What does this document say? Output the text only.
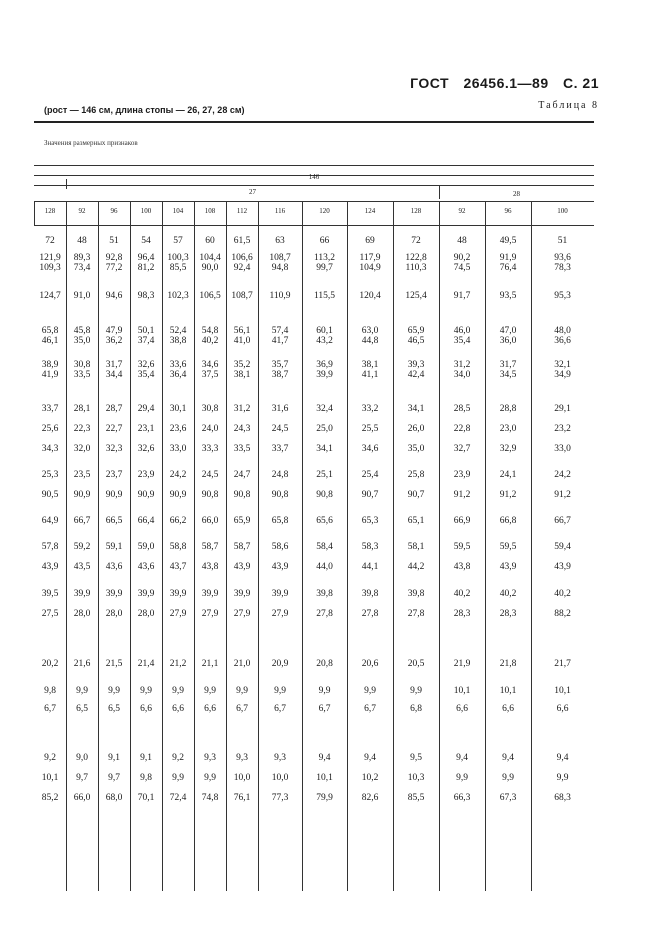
ГОСТ 26456.1—89 С. 21
(рост — 146 см, длина стопы — 26, 27, 28 см)	Таблица 8
Значения размерных признаков
146
27	28
128	92	96	100	104	108	112	116	120	124	128	92	96	100
72	48	51	54	57	60	61,5	63	66	69	72	48	49,5	51
121,9	89,3	92,8	96,4	100,3	104,4	106,6	108,7	113,2	117,9	122,8	90,2	91,9	93,6
109,3	73,4	77,2	81,2	85,5	90,0	92,4	94,8	99,7	104,9	110,3	74,5	76,4	78,3
124,7	91,0	94,6	98,3	102,3	106,5	108,7	110,9	115,5	120,4	125,4	91,7	93,5	95,3
65,8	45,8	47,9	50,1	52,4	54,8	56,1	57,4	60,1	63,0	65,9	46,0	47,0	48,0
46,1	35,0	36,2	37,4	38,8	40,2	41,0	41,7	43,2	44,8	46,5	35,4	36,0	36,6
38,9	30,8	31,7	32,6	33,6	34,6	35,2	35,7	36,9	38,1	39,3	31,2	31,7	32,1
41,9	33,5	34,4	35,4	36,4	37,5	38,1	38,7	39,9	41,1	42,4	34,0	34,5	34,9
33,7	28,1	28,7	29,4	30,1	30,8	31,2	31,6	32,4	33,2	34,1	28,5	28,8	29,1
25,6	22,3	22,7	23,1	23,6	24,0	24,3	24,5	25,0	25,5	26,0	22,8	23,0	23,2
34,3	32,0	32,3	32,6	33,0	33,3	33,5	33,7	34,1	34,6	35,0	32,7	32,9	33,0
25,3	23,5	23,7	23,9	24,2	24,5	24,7	24,8	25,1	25,4	25,8	23,9	24,1	24,2
90,5	90,9	90,9	90,9	90,9	90,8	90,8	90,8	90,8	90,7	90,7	91,2	91,2	91,2
64,9	66,7	66,5	66,4	66,2	66,0	65,9	65,8	65,6	65,3	65,1	66,9	66,8	66,7
57,8	59,2	59,1	59,0	58,8	58,7	58,7	58,6	58,4	58,3	58,1	59,5	59,5	59,4
43,9	43,5	43,6	43,6	43,7	43,8	43,9	43,9	44,0	44,1	44,2	43,8	43,9	43,9
39,5	39,9	39,9	39,9	39,9	39,9	39,9	39,9	39,8	39,8	39,8	40,2	40,2	40,2
27,5	28,0	28,0	28,0	27,9	27,9	27,9	27,9	27,8	27,8	27,8	28,3	28,3	88,2
20,2	21,6	21,5	21,4	21,2	21,1	21,0	20,9	20,8	20,6	20,5	21,9	21,8	21,7
9,8	9,9	9,9	9,9	9,9	9,9	9,9	9,9	9,9	9,9	9,9	10,1	10,1	10,1
6,7	6,5	6,5	6,6	6,6	6,6	6,7	6,7	6,7	6,7	6,8	6,6	6,6	6,6
9,2	9,0	9,1	9,1	9,2	9,3	9,3	9,3	9,4	9,4	9,5	9,4	9,4	9,4
10,1	9,7	9,7	9,8	9,9	9,9	10,0	10,0	10,1	10,2	10,3	9,9	9,9	9,9
85,2	66,0	68,0	70,1	72,4	74,8	76,1	77,3	79,9	82,6	85,5	66,3	67,3	68,3
